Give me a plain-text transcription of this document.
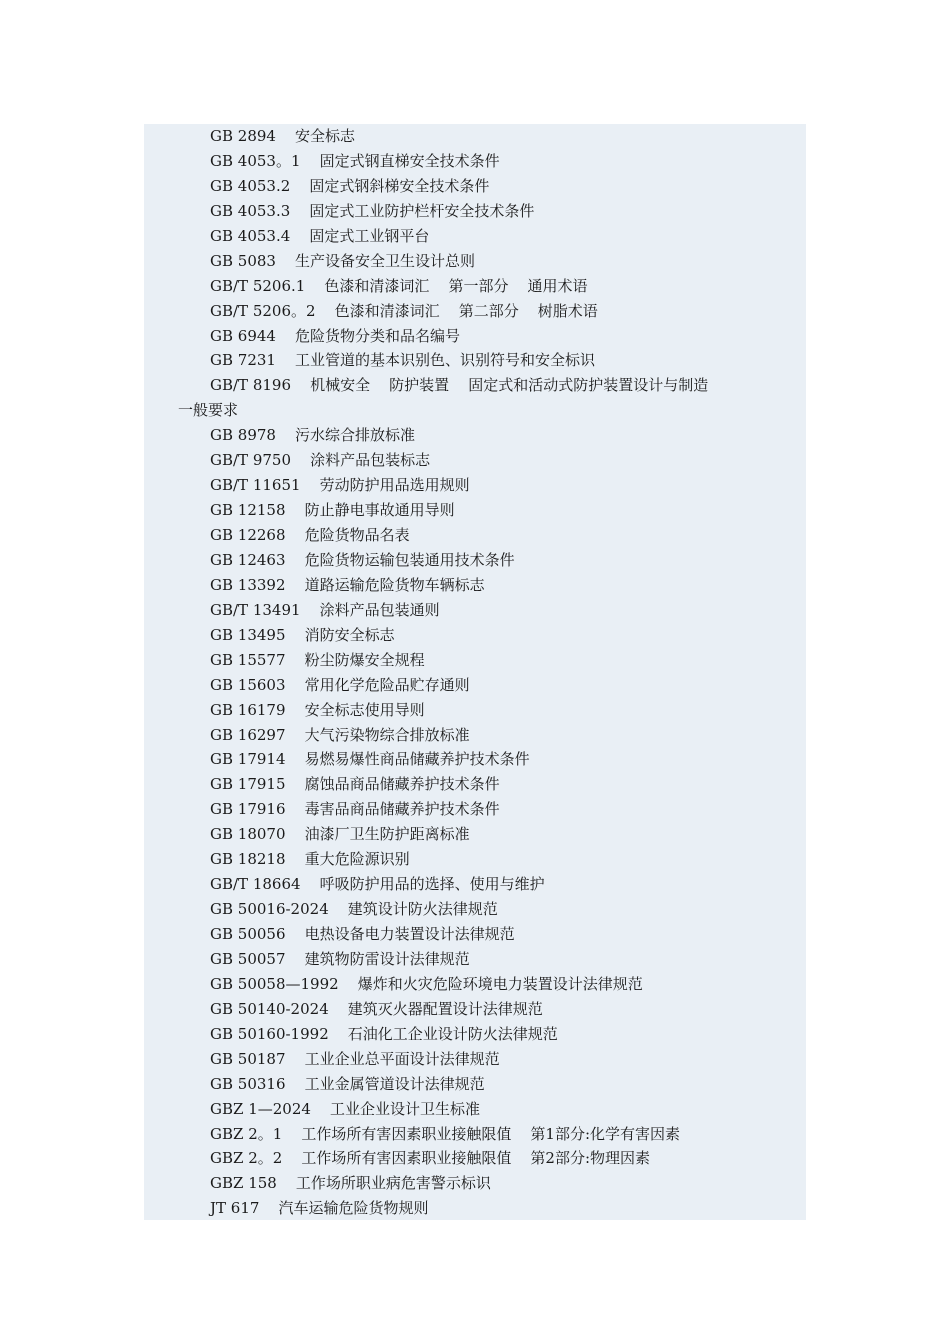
GB 2894    安全标志
GB 4053。1    固定式钢直梯安全技术条件
GB 4053.2    固定式钢斜梯安全技术条件
GB 4053.3    固定式工业防护栏杆安全技术条件
GB 4053.4    固定式工业钢平台
GB 5083    生产设备安全卫生设计总则
GB/T 5206.1    色漆和清漆词汇    第一部分    通用术语
GB/T 5206。2    色漆和清漆词汇    第二部分    树脂术语
GB 6944    危险货物分类和品名编号
GB 7231    工业管道的基本识别色、识别符号和安全标识
GB/T 8196    机械安全    防护装置    固定式和活动式防护装置设计与制造
一般要求
GB 8978    污水综合排放标准
GB/T 9750    涂料产品包装标志
GB/T 11651    劳动防护用品选用规则
GB 12158    防止静电事故通用导则
GB 12268    危险货物品名表
GB 12463    危险货物运输包装通用技术条件
GB 13392    道路运输危险货物车辆标志
GB/T 13491    涂料产品包装通则
GB 13495    消防安全标志
GB 15577    粉尘防爆安全规程
GB 15603    常用化学危险品贮存通则
GB 16179    安全标志使用导则
GB 16297    大气污染物综合排放标准
GB 17914    易燃易爆性商品储藏养护技术条件
GB 17915    腐蚀品商品储藏养护技术条件
GB 17916    毒害品商品储藏养护技术条件
GB 18070    油漆厂卫生防护距离标准
GB 18218    重大危险源识别
GB/T 18664    呼吸防护用品的选择、使用与维护
GB 50016-2024    建筑设计防火法律规范
GB 50056    电热设备电力装置设计法律规范
GB 50057    建筑物防雷设计法律规范
GB 50058—1992    爆炸和火灾危险环境电力装置设计法律规范
GB 50140-2024    建筑灭火器配置设计法律规范
GB 50160-1992    石油化工企业设计防火法律规范
GB 50187    工业企业总平面设计法律规范
GB 50316    工业金属管道设计法律规范
GBZ 1—2024    工业企业设计卫生标准
GBZ 2。1    工作场所有害因素职业接触限值    第1部分:化学有害因素
GBZ 2。2    工作场所有害因素职业接触限值    第2部分:物理因素
GBZ 158    工作场所职业病危害警示标识
JT 617    汽车运输危险货物规则
